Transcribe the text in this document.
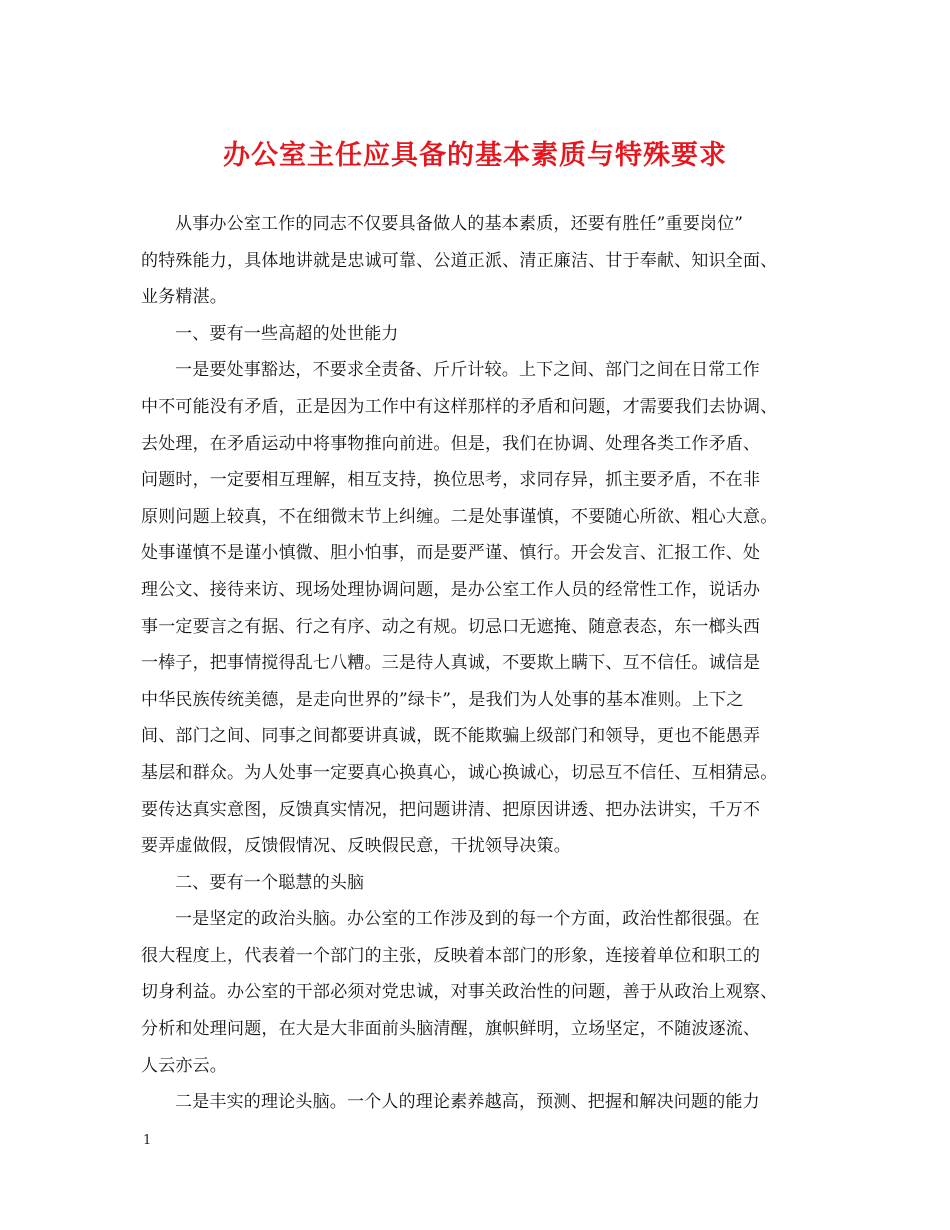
办公室主任应具备的基本素质与特殊要求
从事办公室工作的同志不仅要具备做人的基本素质，还要有胜任”重要岗位”
的特殊能力，具体地讲就是忠诚可靠、公道正派、清正廉洁、甘于奉献、知识全面、
业务精湛。
一、要有一些高超的处世能力
一是要处事豁达，不要求全责备、斤斤计较。上下之间、部门之间在日常工作
中不可能没有矛盾，正是因为工作中有这样那样的矛盾和问题，才需要我们去协调、
去处理，在矛盾运动中将事物推向前进。但是，我们在协调、处理各类工作矛盾、
问题时，一定要相互理解，相互支持，换位思考，求同存异，抓主要矛盾，不在非
原则问题上较真，不在细微末节上纠缠。二是处事谨慎，不要随心所欲、粗心大意。
处事谨慎不是谨小慎微、胆小怕事，而是要严谨、慎行。开会发言、汇报工作、处
理公文、接待来访、现场处理协调问题，是办公室工作人员的经常性工作，说话办
事一定要言之有据、行之有序、动之有规。切忌口无遮掩、随意表态，东一榔头西
一棒子，把事情搅得乱七八糟。三是待人真诚，不要欺上瞒下、互不信任。诚信是
中华民族传统美德，是走向世界的”绿卡”，是我们为人处事的基本准则。上下之
间、部门之间、同事之间都要讲真诚，既不能欺骗上级部门和领导，更也不能愚弄
基层和群众。为人处事一定要真心换真心，诚心换诚心，切忌互不信任、互相猜忌。
要传达真实意图，反馈真实情况，把问题讲清、把原因讲透、把办法讲实，千万不
要弄虚做假，反馈假情况、反映假民意，干扰领导决策。
二、要有一个聪慧的头脑
一是坚定的政治头脑。办公室的工作涉及到的每一个方面，政治性都很强。在
很大程度上，代表着一个部门的主张，反映着本部门的形象，连接着单位和职工的
切身利益。办公室的干部必须对党忠诚，对事关政治性的问题，善于从政治上观察、
分析和处理问题，在大是大非面前头脑清醒，旗帜鲜明，立场坚定，不随波逐流、
人云亦云。
二是丰实的理论头脑。一个人的理论素养越高，预测、把握和解决问题的能力
1
